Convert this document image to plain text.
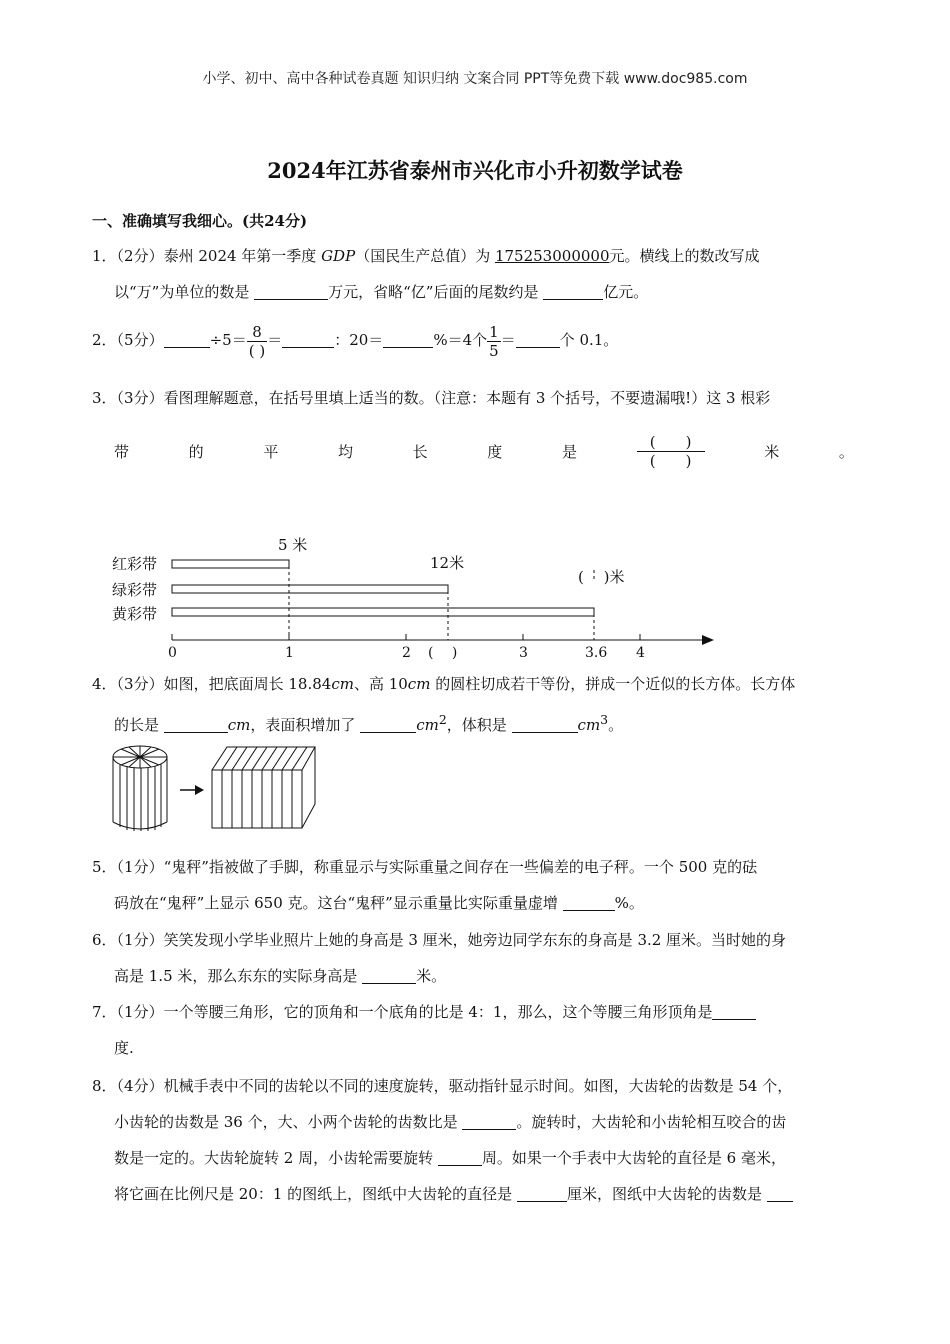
小学、初中、高中各种试卷真题 知识归纳 文案合同 PPT等免费下载 www.doc985.com
2024年江苏省泰州市兴化市小升初数学试卷
一、准确填写我细心。(共24分)
1．（2分）泰州 2024 年第一季度 GDP（国民生产总值）为 175253000000元。横线上的数改写成
以“万”为单位的数是	万元，省略“亿”后面的尾数约是	亿元。
2．（5分）	$\div 5= \frac{8}{( )}$ ＝	：20＝	%＝4个 $\frac{1}{5}$ ＝	个 0.1。
3．（3分）看图理解题意，在括号里填上适当的数。（注意：本题有 3 个括号，不要遗漏哦!）这 3 根彩
带	的	平	均	长	度	是	$\frac{( )}{( )}$	米	。
红彩带
绿彩带
黄彩带
5 米
12米
(　 )米
0	1	2 (　 )	3	3.6 4
4．（3分）如图，把底面周长 18.84cm、高 10cm 的圆柱切成若干等份，拼成一个近似的长方体。长方体
的长是	cm，表面积增加了	$cm^2$，体积是	$cm^3$。
5．（1分）“鬼秤”指被做了手脚，称重显示与实际重量之间存在一些偏差的电子秤。一个 500 克的砝
码放在“鬼秤”上显示 650 克。这台“鬼秤”显示重量比实际重量虚增	%。
6．（1分）笑笑发现小学毕业照片上她的身高是 3 厘米，她旁边同学东东的身高是 3.2 厘米。当时她的身
高是 1.5 米，那么东东的实际身高是	米。
7．（1分）一个等腰三角形，它的顶角和一个底角的比是 4：1，那么，这个等腰三角形顶角是
度.
8．（4分）机械手表中不同的齿轮以不同的速度旋转，驱动指针显示时间。如图，大齿轮的齿数是 54 个，
小齿轮的齿数是 36 个，大、小两个齿轮的齿数比是	。旋转时，大齿轮和小齿轮相互咬合的齿
数是一定的。大齿轮旋转 2 周，小齿轮需要旋转	周。如果一个手表中大齿轮的直径是 6 毫米，
将它画在比例尺是 20：1 的图纸上，图纸中大齿轮的直径是	厘米，图纸中大齿轮的齿数是
